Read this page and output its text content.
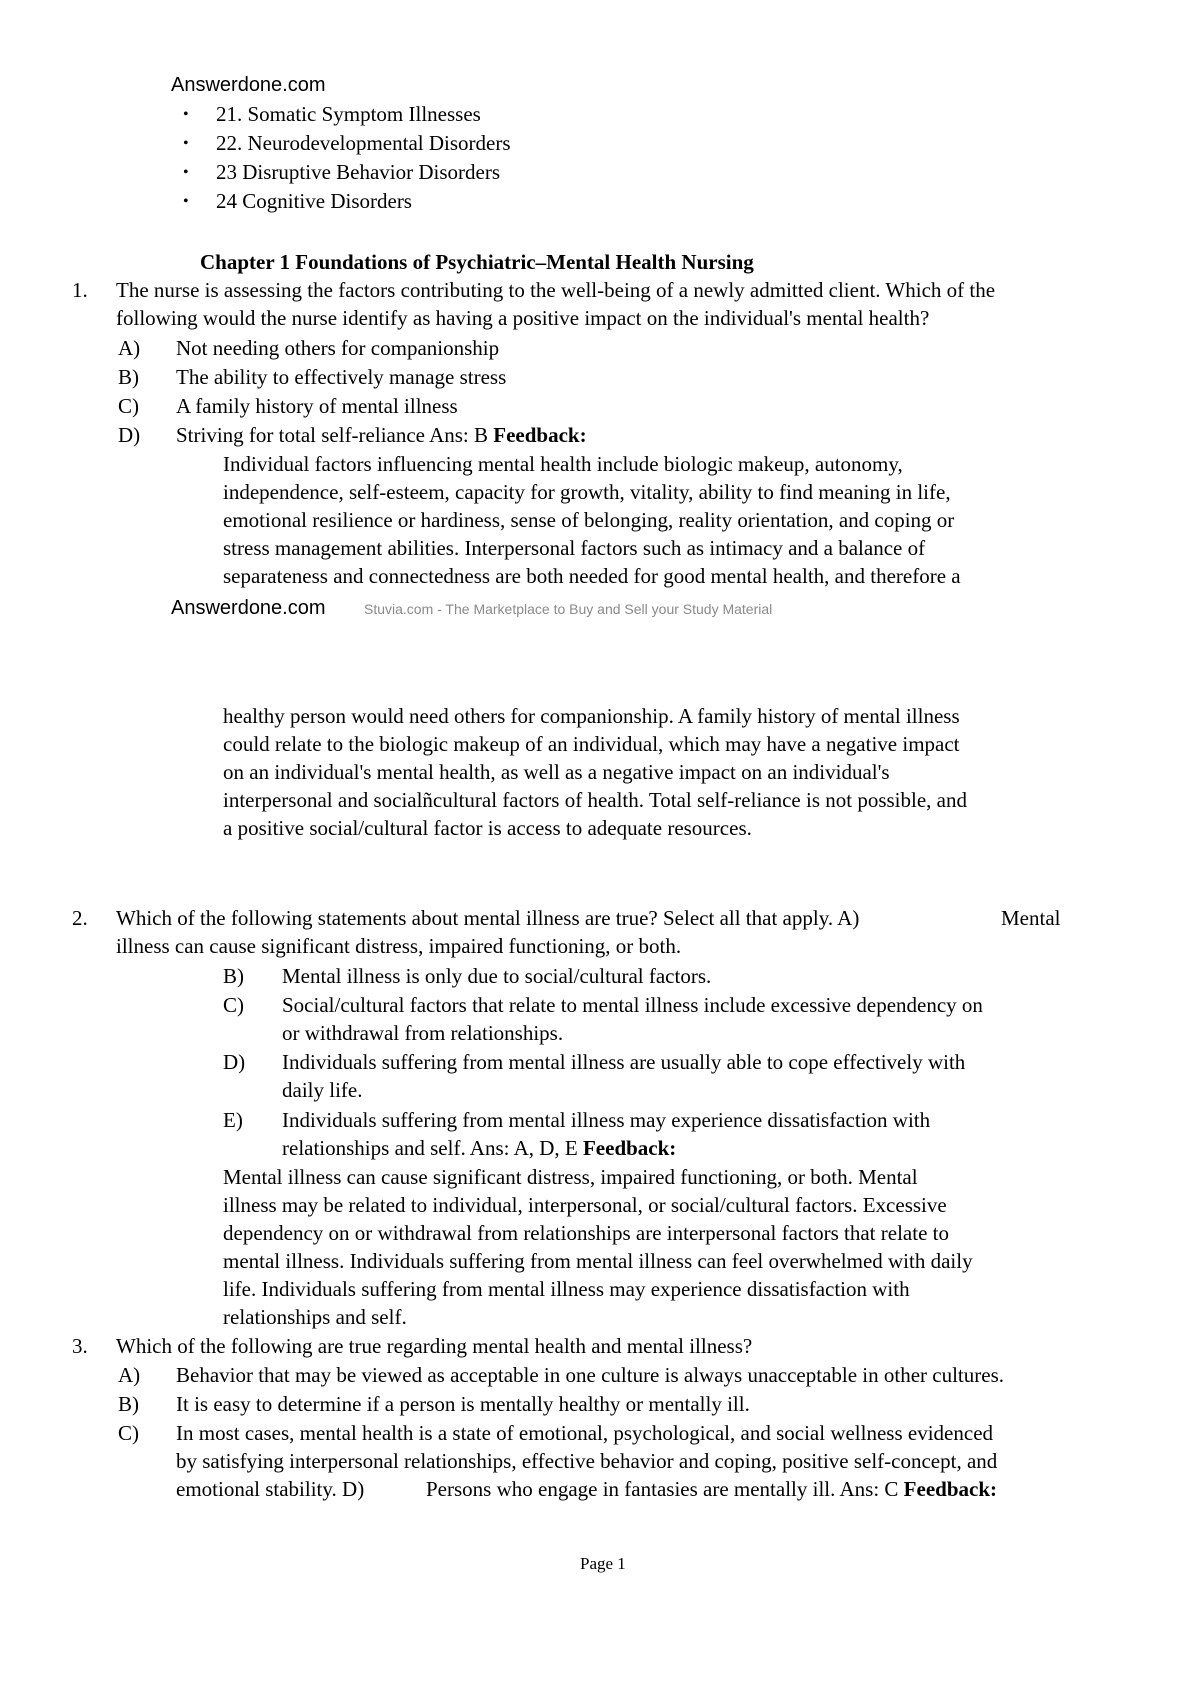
Answerdone.com
• 21. Somatic Symptom Illnesses
• 22. Neurodevelopmental Disorders
• 23 Disruptive Behavior Disorders
• 24 Cognitive Disorders
Chapter 1 Foundations of Psychiatric–Mental Health Nursing
1. The nurse is assessing the factors contributing to the well-being of a newly admitted client. Which of the
following would the nurse identify as having a positive impact on the individual's mental health?
A) Not needing others for companionship
B) The ability to effectively manage stress
C) A family history of mental illness
D) Striving for total self-reliance Ans: B Feedback:
Individual factors influencing mental health include biologic makeup, autonomy,
independence, self-esteem, capacity for growth, vitality, ability to find meaning in life,
emotional resilience or hardiness, sense of belonging, reality orientation, and coping or
stress management abilities. Interpersonal factors such as intimacy and a balance of
separateness and connectedness are both needed for good mental health, and therefore a
Answerdone.com	Stuvia.com - The Marketplace to Buy and Sell your Study Material
healthy person would need others for companionship. A family history of mental illness
could relate to the biologic makeup of an individual, which may have a negative impact
on an individual's mental health, as well as a negative impact on an individual's
interpersonal and socialñcultural factors of health. Total self-reliance is not possible, and
a positive social/cultural factor is access to adequate resources.
2. Which of the following statements about mental illness are true? Select all that apply. A)	Mental
illness can cause significant distress, impaired functioning, or both.
B) Mental illness is only due to social/cultural factors.
C) Social/cultural factors that relate to mental illness include excessive dependency on
or withdrawal from relationships.
D) Individuals suffering from mental illness are usually able to cope effectively with
daily life.
E) Individuals suffering from mental illness may experience dissatisfaction with
relationships and self. Ans: A, D, E Feedback:
Mental illness can cause significant distress, impaired functioning, or both. Mental
illness may be related to individual, interpersonal, or social/cultural factors. Excessive
dependency on or withdrawal from relationships are interpersonal factors that relate to
mental illness. Individuals suffering from mental illness can feel overwhelmed with daily
life. Individuals suffering from mental illness may experience dissatisfaction with
relationships and self.
3. Which of the following are true regarding mental health and mental illness?
A) Behavior that may be viewed as acceptable in one culture is always unacceptable in other cultures.
B) It is easy to determine if a person is mentally healthy or mentally ill.
C) In most cases, mental health is a state of emotional, psychological, and social wellness evidenced
by satisfying interpersonal relationships, effective behavior and coping, positive self-concept, and
emotional stability. D)	Persons who engage in fantasies are mentally ill. Ans: C Feedback:
Page 1
